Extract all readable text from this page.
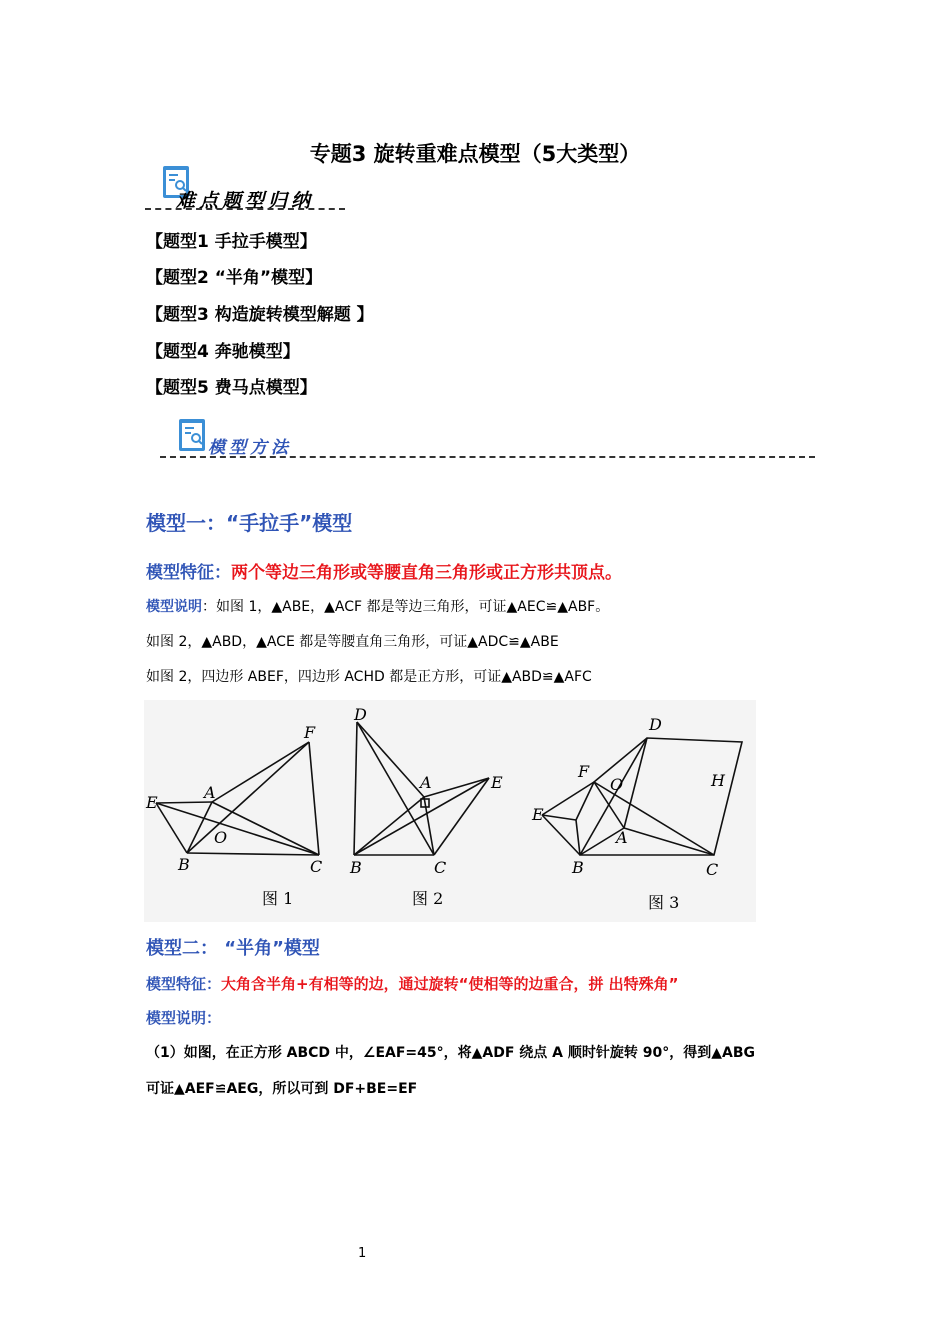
专题3 旋转重难点模型（5大类型）
难点题型归纳
【题型1 手拉手模型】
【题型2 “半角”模型】
【题型3 构造旋转模型解题 】
【题型4 奔驰模型】
【题型5 费马点模型】
模型方法
模型一：“手拉手”模型
模型特征：两个等边三角形或等腰直角三角形或正方形共顶点。
模型说明：如图 1，▲ABE，▲ACF 都是等边三角形，可证▲AEC≌▲ABF。
如图 2，▲ABD，▲ACE 都是等腰直角三角形，可证▲ADC≌▲ABE
如图 2，四边形 ABEF，四边形 ACHD 都是正方形，可证▲ABD≌▲AFC
E
A
F
O
B	C
图 1
D
A	E
B	C
图 2
D
F
O	H
E
A
B	C
图 3
模型二： “半角”模型
模型特征：大角含半角+有相等的边，通过旋转“使相等的边重合，拼 出特殊角”
模型说明：
（1）如图，在正方形 ABCD 中，∠EAF=45°，将▲ADF 绕点 A 顺时针旋转 90°，得到▲ABG
可证▲AEF≌AEG，所以可到 DF+BE=EF
1
